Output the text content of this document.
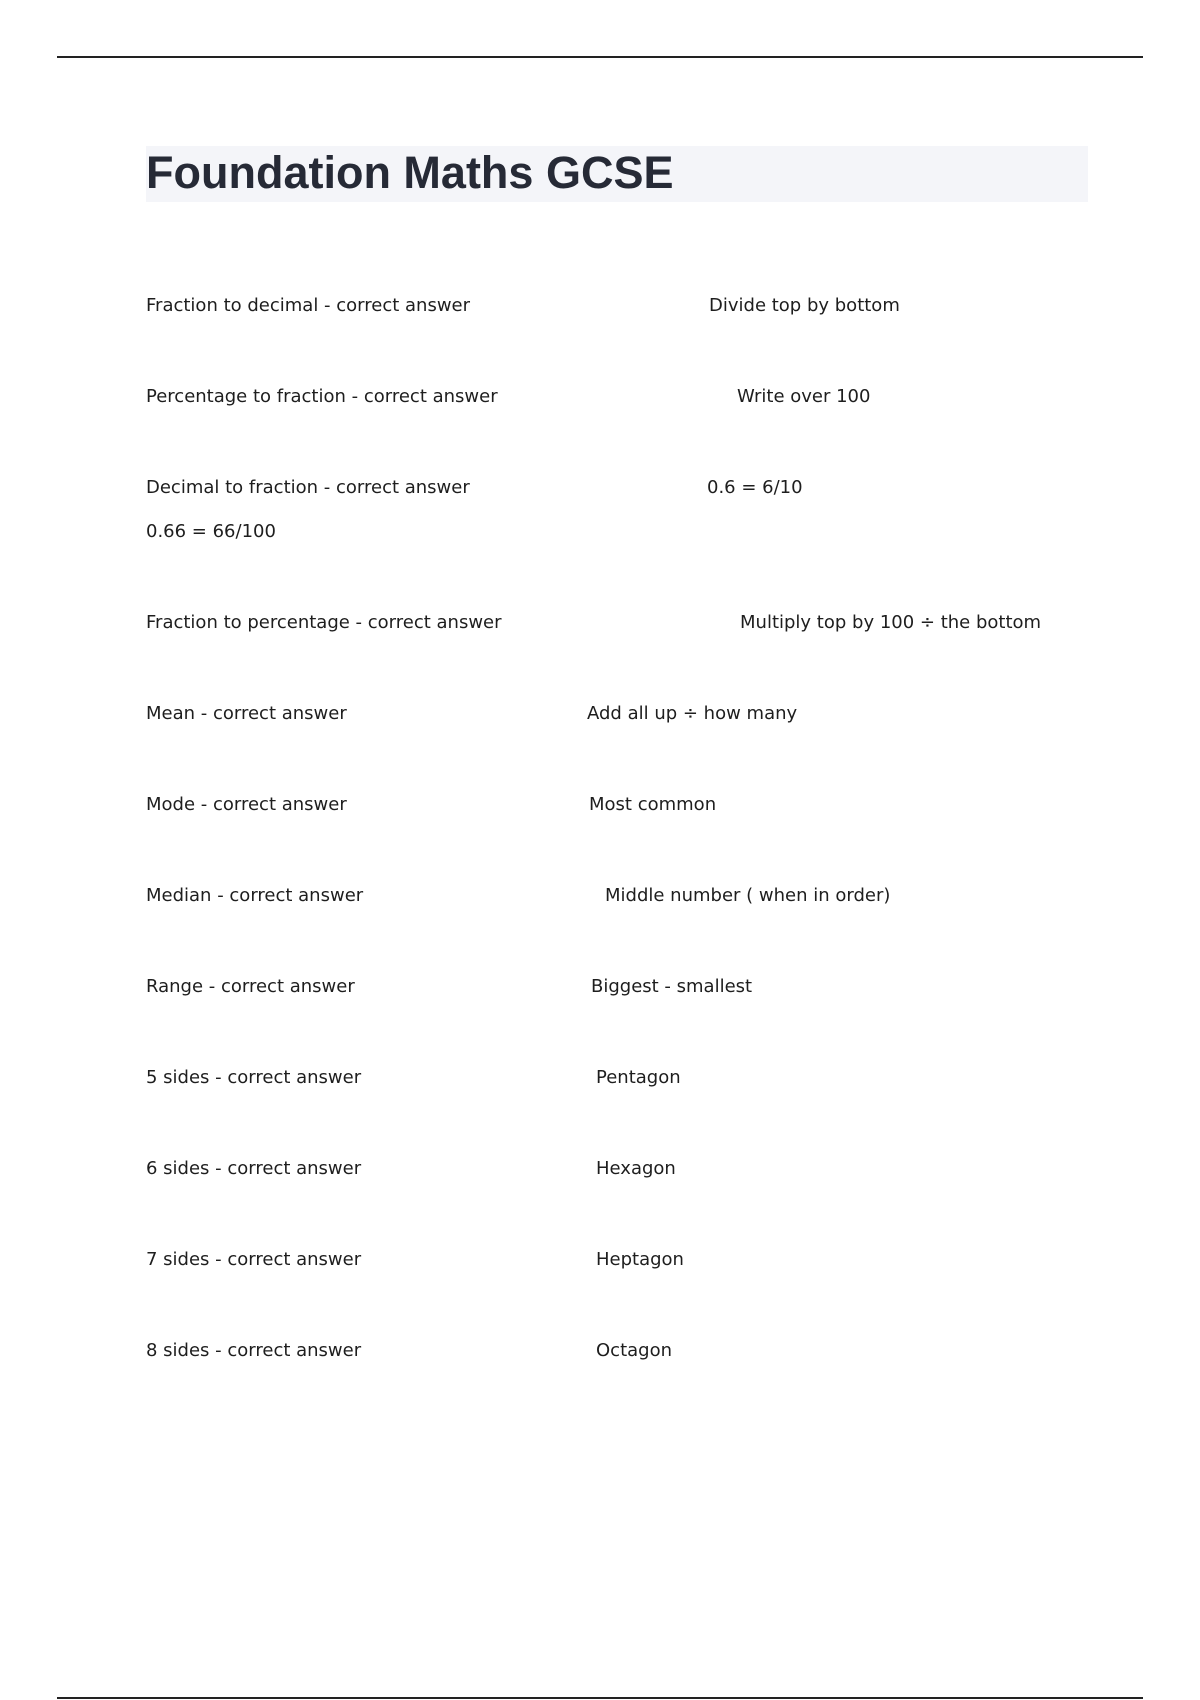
Foundation Maths GCSE
Fraction to decimal - correct answer	Divide top by bottom
Percentage to fraction - correct answer	Write over 100
Decimal to fraction - correct answer	0.6 = 6/10
0.66 = 66/100
Fraction to percentage - correct answer	Multiply top by 100 ÷ the bottom
Mean - correct answer	Add all up ÷ how many
Mode - correct answer	Most common
Median - correct answer	Middle number ( when in order)
Range - correct answer	Biggest - smallest
5 sides - correct answer	Pentagon
6 sides - correct answer	Hexagon
7 sides - correct answer	Heptagon
8 sides - correct answer	Octagon
